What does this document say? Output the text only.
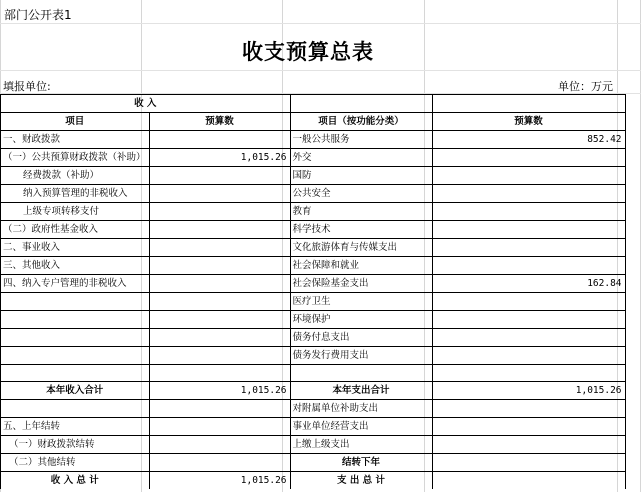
部门公开表1
收支预算总表
填报单位:	单位：万元
收 入			
项目	预算数	项目（按功能分类）	预算数
一、财政拨款		一般公共服务	852.42
（一）公共预算财政拨款（补助）	1,015.26	外交	
经费拨款（补助）		国防	
纳入预算管理的非税收入		公共安全	
上级专项转移支付		教育	
（二）政府性基金收入		科学技术	
二、事业收入		文化旅游体育与传媒支出	
三、其他收入		社会保障和就业	
四、纳入专户管理的非税收入		社会保险基金支出	162.84
		医疗卫生	
		环境保护	
		债务付息支出	
		债务发行费用支出	

本年收入合计	1,015.26	本年支出合计	1,015.26
		对附属单位补助支出	
五、上年结转		事业单位经营支出	
（一）财政拨款结转		上缴上级支出	
（二）其他结转		结转下年	
收 入 总 计	1,015.26	支 出 总 计	
